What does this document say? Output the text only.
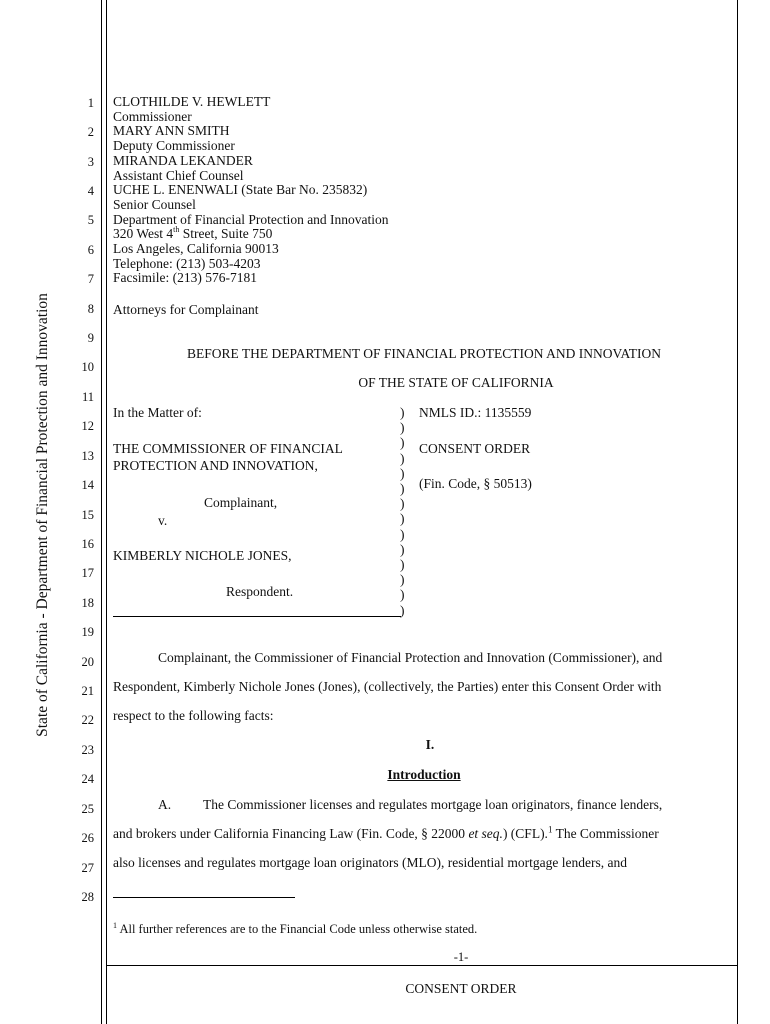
State of California - Department of Financial Protection and Innovation
1
2
3
4
5
6
7
8
9
10
11
12
13
14
15
16
17
18
19
20
21
22
23
24
25
26
27
28
CLOTHILDE V. HEWLETT
Commissioner
MARY ANN SMITH
Deputy Commissioner
MIRANDA LEKANDER
Assistant Chief Counsel
UCHE L. ENENWALI (State Bar No. 235832)
Senior Counsel
Department of Financial Protection and Innovation
320 West 4th Street, Suite 750
Los Angeles, California 90013
Telephone: (213) 503-4203
Facsimile: (213) 576-7181
Attorneys for Complainant
BEFORE THE DEPARTMENT OF FINANCIAL PROTECTION AND INNOVATION
OF THE STATE OF CALIFORNIA
In the Matter of:
THE COMMISSIONER OF FINANCIAL
PROTECTION AND INNOVATION,
Complainant,
v.
KIMBERLY NICHOLE JONES,
Respondent.
)
)
)
)
)
)
)
)
)
)
)
)
)
)
NMLS ID.: 1135559
CONSENT ORDER
(Fin. Code, § 50513)
Complainant, the Commissioner of Financial Protection and Innovation (Commissioner), and
Respondent, Kimberly Nichole Jones (Jones), (collectively, the Parties) enter this Consent Order with
respect to the following facts:
I.
Introduction
A. The Commissioner licenses and regulates mortgage loan originators, finance lenders,
and brokers under California Financing Law (Fin. Code, § 22000 et seq.) (CFL).$^1$ The Commissioner
also licenses and regulates mortgage loan originators (MLO), residential mortgage lenders, and
$^1$ All further references are to the Financial Code unless otherwise stated.
-1-
CONSENT ORDER
